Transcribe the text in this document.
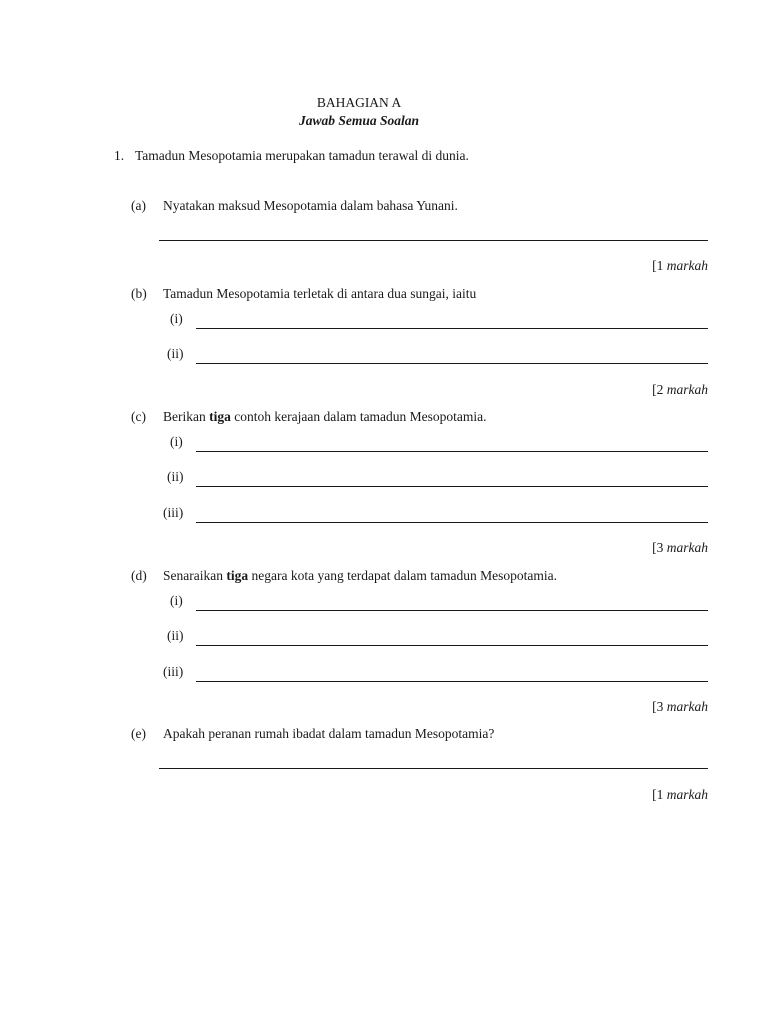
BAHAGIAN A
Jawab Semua Soalan
1. Tamadun Mesopotamia merupakan tamadun terawal di dunia.
(a) Nyatakan maksud Mesopotamia dalam bahasa Yunani.
[1 markah
(b) Tamadun Mesopotamia terletak di antara dua sungai, iaitu
(i)
(ii)
[2 markah
(c) Berikan tiga contoh kerajaan dalam tamadun Mesopotamia.
(i)
(ii)
(iii)
[3 markah
(d) Senaraikan tiga negara kota yang terdapat dalam tamadun Mesopotamia.
(i)
(ii)
(iii)
[3 markah
(e) Apakah peranan rumah ibadat dalam tamadun Mesopotamia?
[1 markah
